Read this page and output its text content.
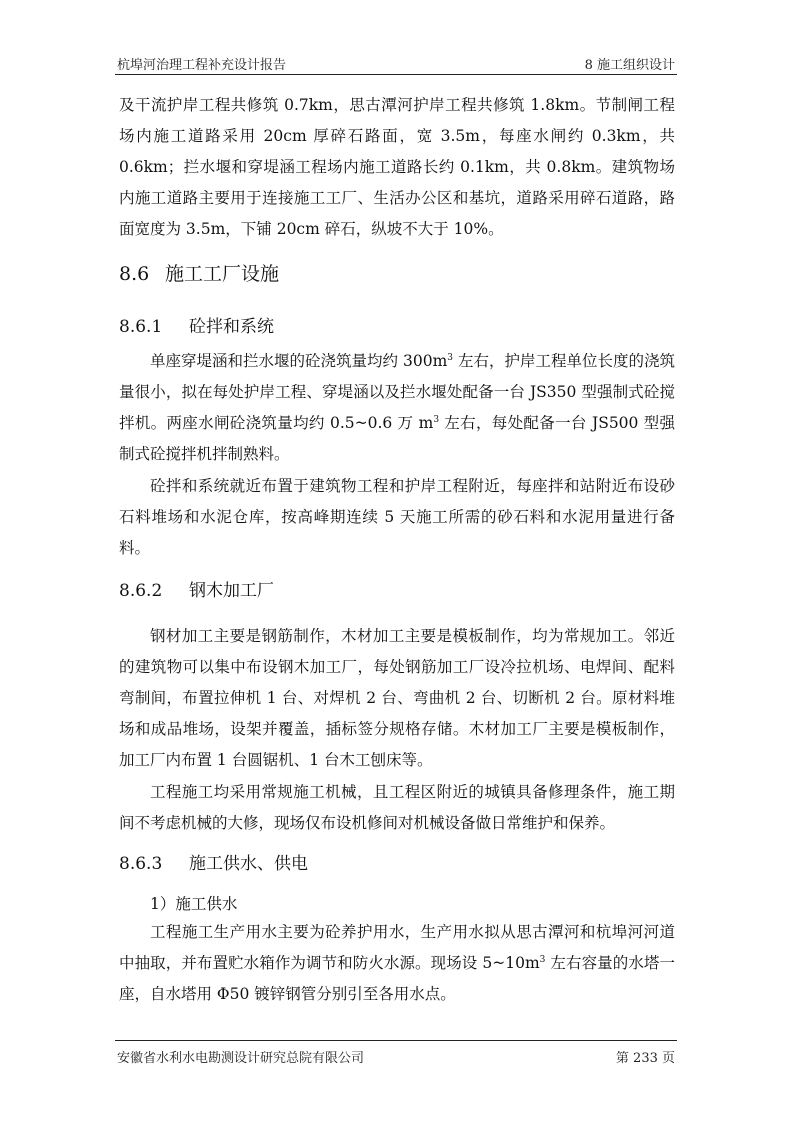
杭埠河治理工程补充设计报告	8 施工组织设计
及干流护岸工程共修筑 0.7km，思古潭河护岸工程共修筑 1.8km。节制闸工程场内施工道路采用 20cm 厚碎石路面，宽 3.5m，每座水闸约 0.3km，共 0.6km；拦水堰和穿堤涵工程场内施工道路长约 0.1km，共 0.8km。建筑物场内施工道路主要用于连接施工工厂、生活办公区和基坑，道路采用碎石道路，路面宽度为 3.5m，下铺 20cm 碎石，纵坡不大于 10%。
8.6 施工工厂设施
8.6.1 砼拌和系统
单座穿堤涵和拦水堰的砼浇筑量均约 $300m^3$ 左右，护岸工程单位长度的浇筑量很小，拟在每处护岸工程、穿堤涵以及拦水堰处配备一台 JS350 型强制式砼搅拌机。两座水闸砼浇筑量均约 0.5~0.6 万 $m^3$ 左右，每处配备一台 JS500 型强制式砼搅拌机拌制熟料。
砼拌和系统就近布置于建筑物工程和护岸工程附近，每座拌和站附近布设砂石料堆场和水泥仓库，按高峰期连续 5 天施工所需的砂石料和水泥用量进行备料。
8.6.2 钢木加工厂
钢材加工主要是钢筋制作，木材加工主要是模板制作，均为常规加工。邻近的建筑物可以集中布设钢木加工厂，每处钢筋加工厂设冷拉机场、电焊间、配料弯制间，布置拉伸机 1 台、对焊机 2 台、弯曲机 2 台、切断机 2 台。原材料堆场和成品堆场，设架并覆盖，插标签分规格存储。木材加工厂主要是模板制作，加工厂内布置 1 台圆锯机、1 台木工刨床等。
工程施工均采用常规施工机械，且工程区附近的城镇具备修理条件，施工期间不考虑机械的大修，现场仅布设机修间对机械设备做日常维护和保养。
8.6.3 施工供水、供电
1）施工供水
工程施工生产用水主要为砼养护用水，生产用水拟从思古潭河和杭埠河河道中抽取，并布置贮水箱作为调节和防火水源。现场设 $5\sim 10m^3$ 左右容量的水塔一座，自水塔用 Φ50 镀锌钢管分别引至各用水点。
安徽省水利水电勘测设计研究总院有限公司	第 233 页
